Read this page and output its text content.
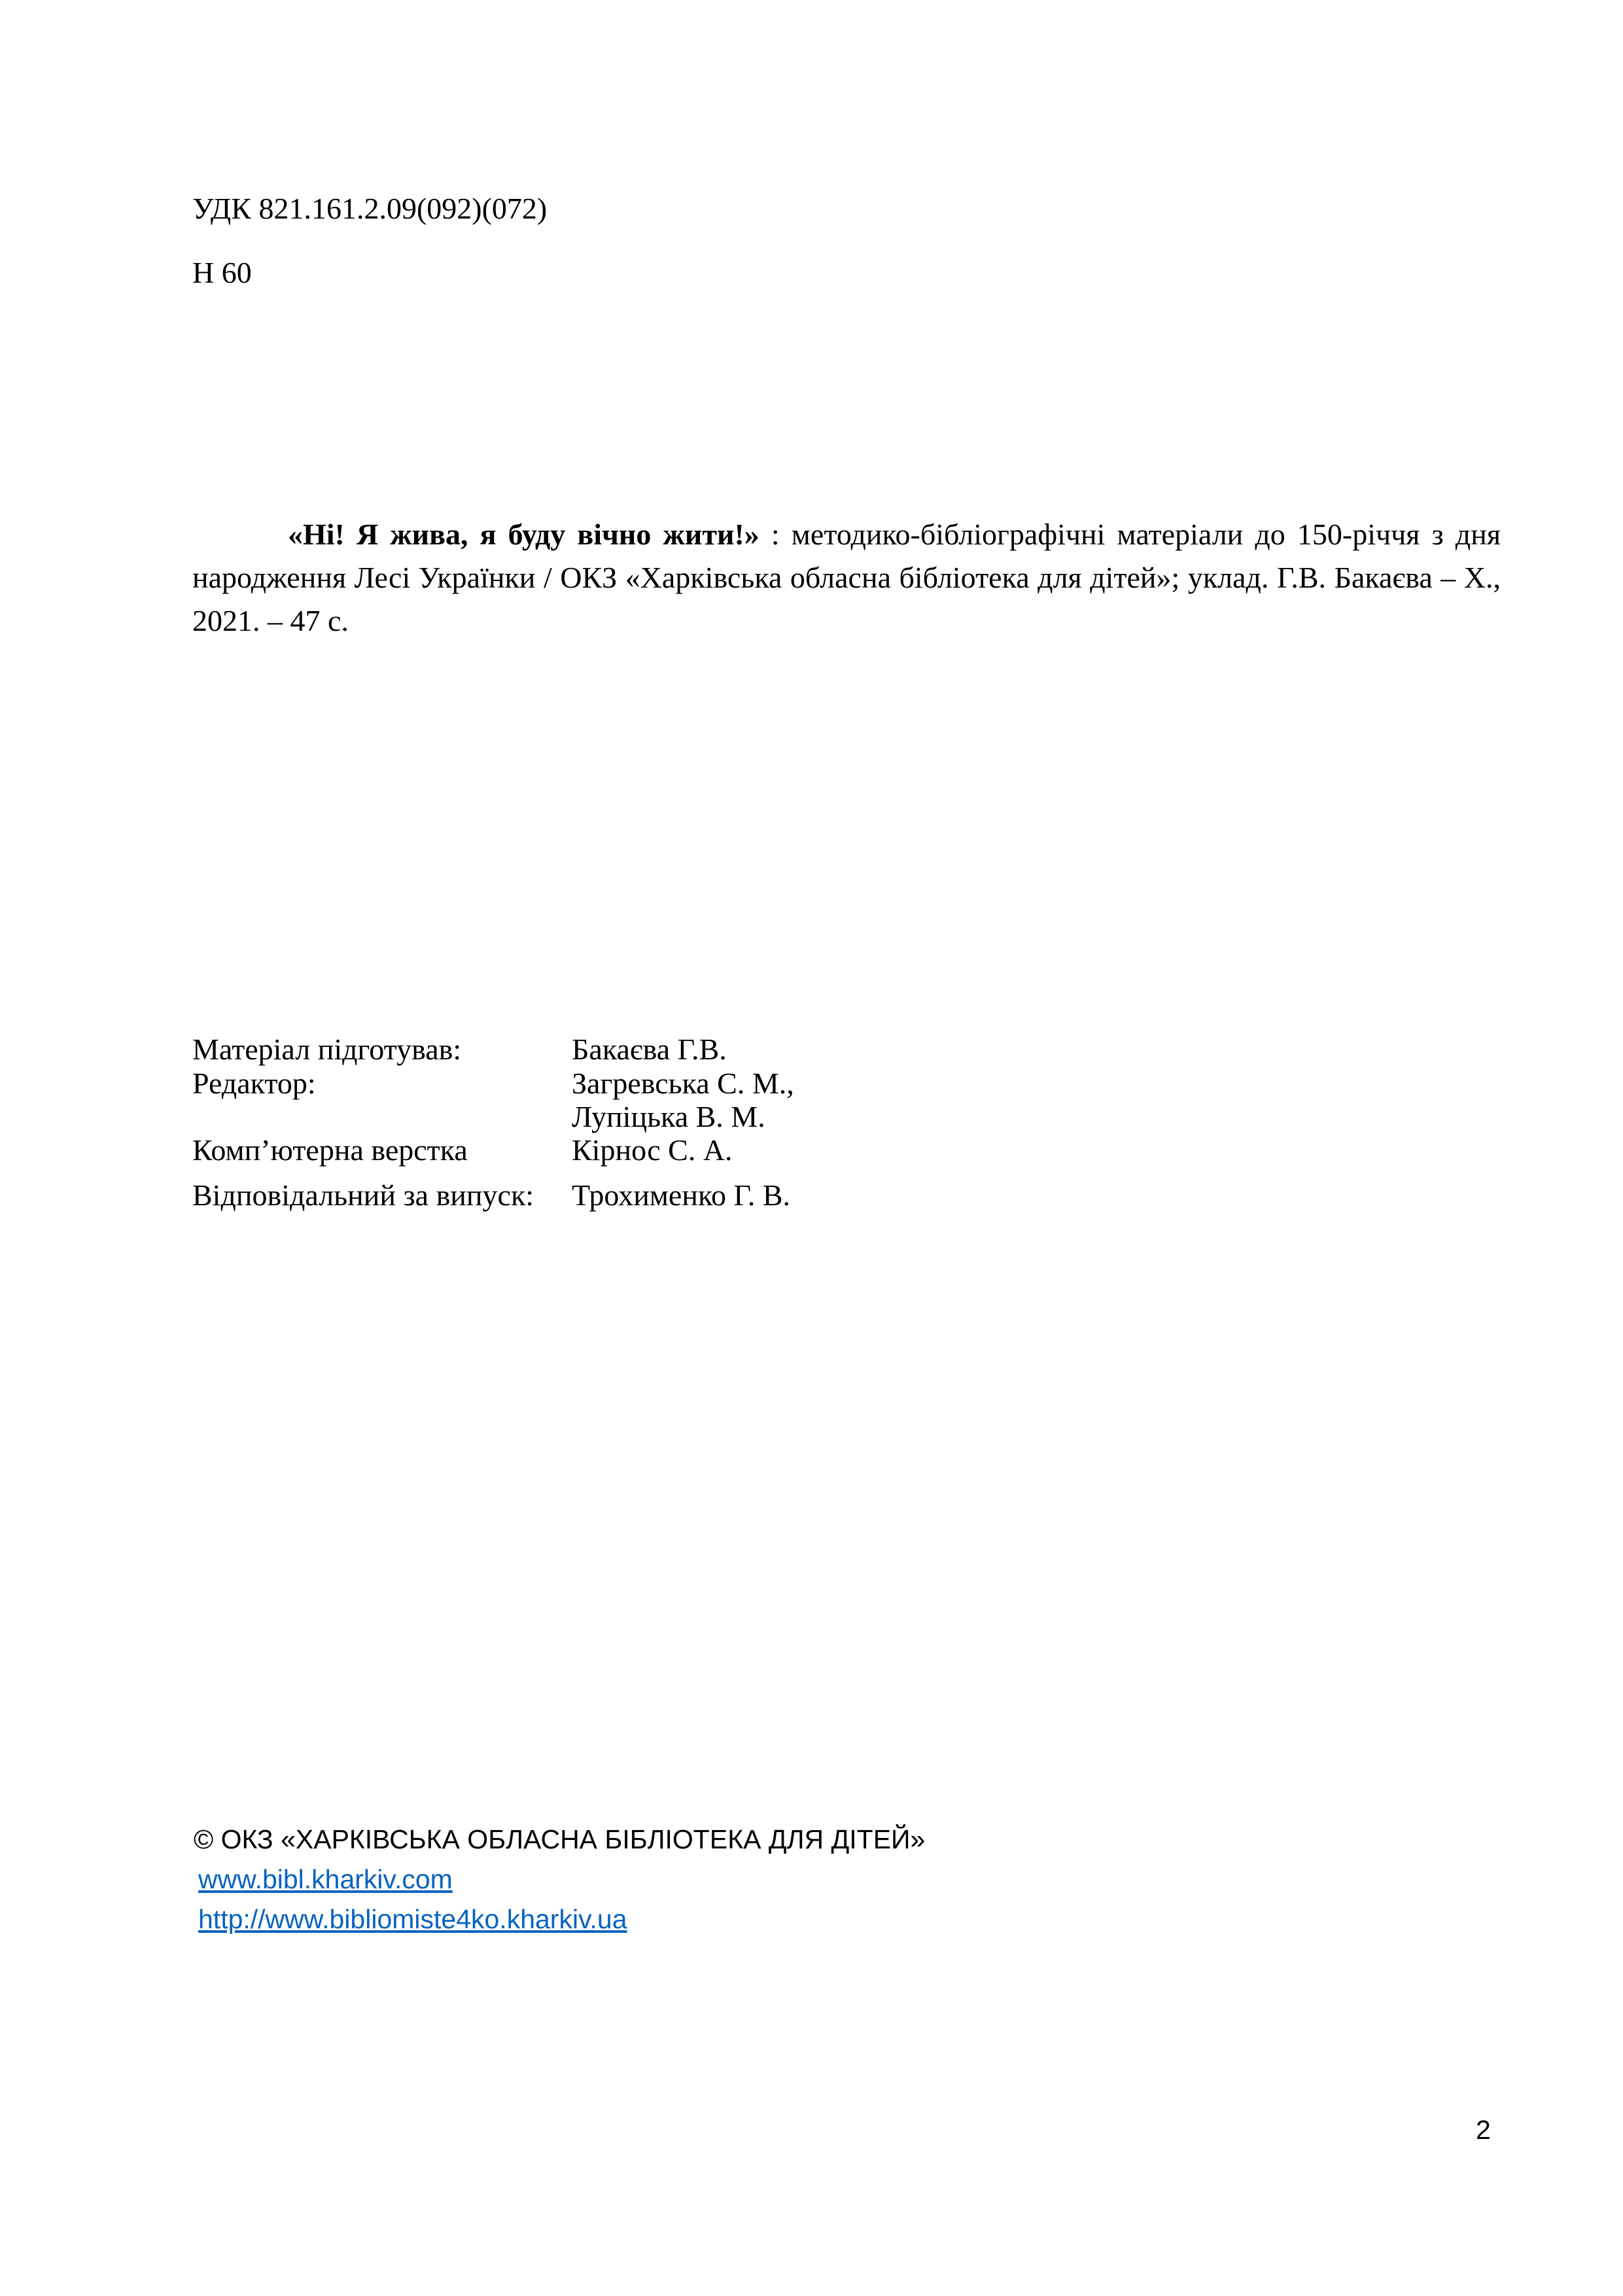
УДК 821.161.2.09(092)(072)
Н 60

«Ні! Я жива, я буду вічно жити!» : методико-бібліографічні матеріали до 150-річчя з дня народження Лесі Українки / ОКЗ «Харківська обласна бібліотека для дітей»; уклад. Г.В. Бакаєва – Х., 2021. – 47 с.

Матеріал підготував:	Бакаєва Г.В.
Редактор:	Загревська С. М.,
Лупіцька В. М.
Комп’ютерна верстка	Кірнос С. А.
Відповідальний за випуск: Трохименко Г. В.
© ОКЗ «ХАРКІВСЬКА ОБЛАСНА БІБЛІОТЕКА ДЛЯ ДІТЕЙ»
www.bibl.kharkiv.com
http://www.bibliomiste4ko.kharkiv.ua
2
